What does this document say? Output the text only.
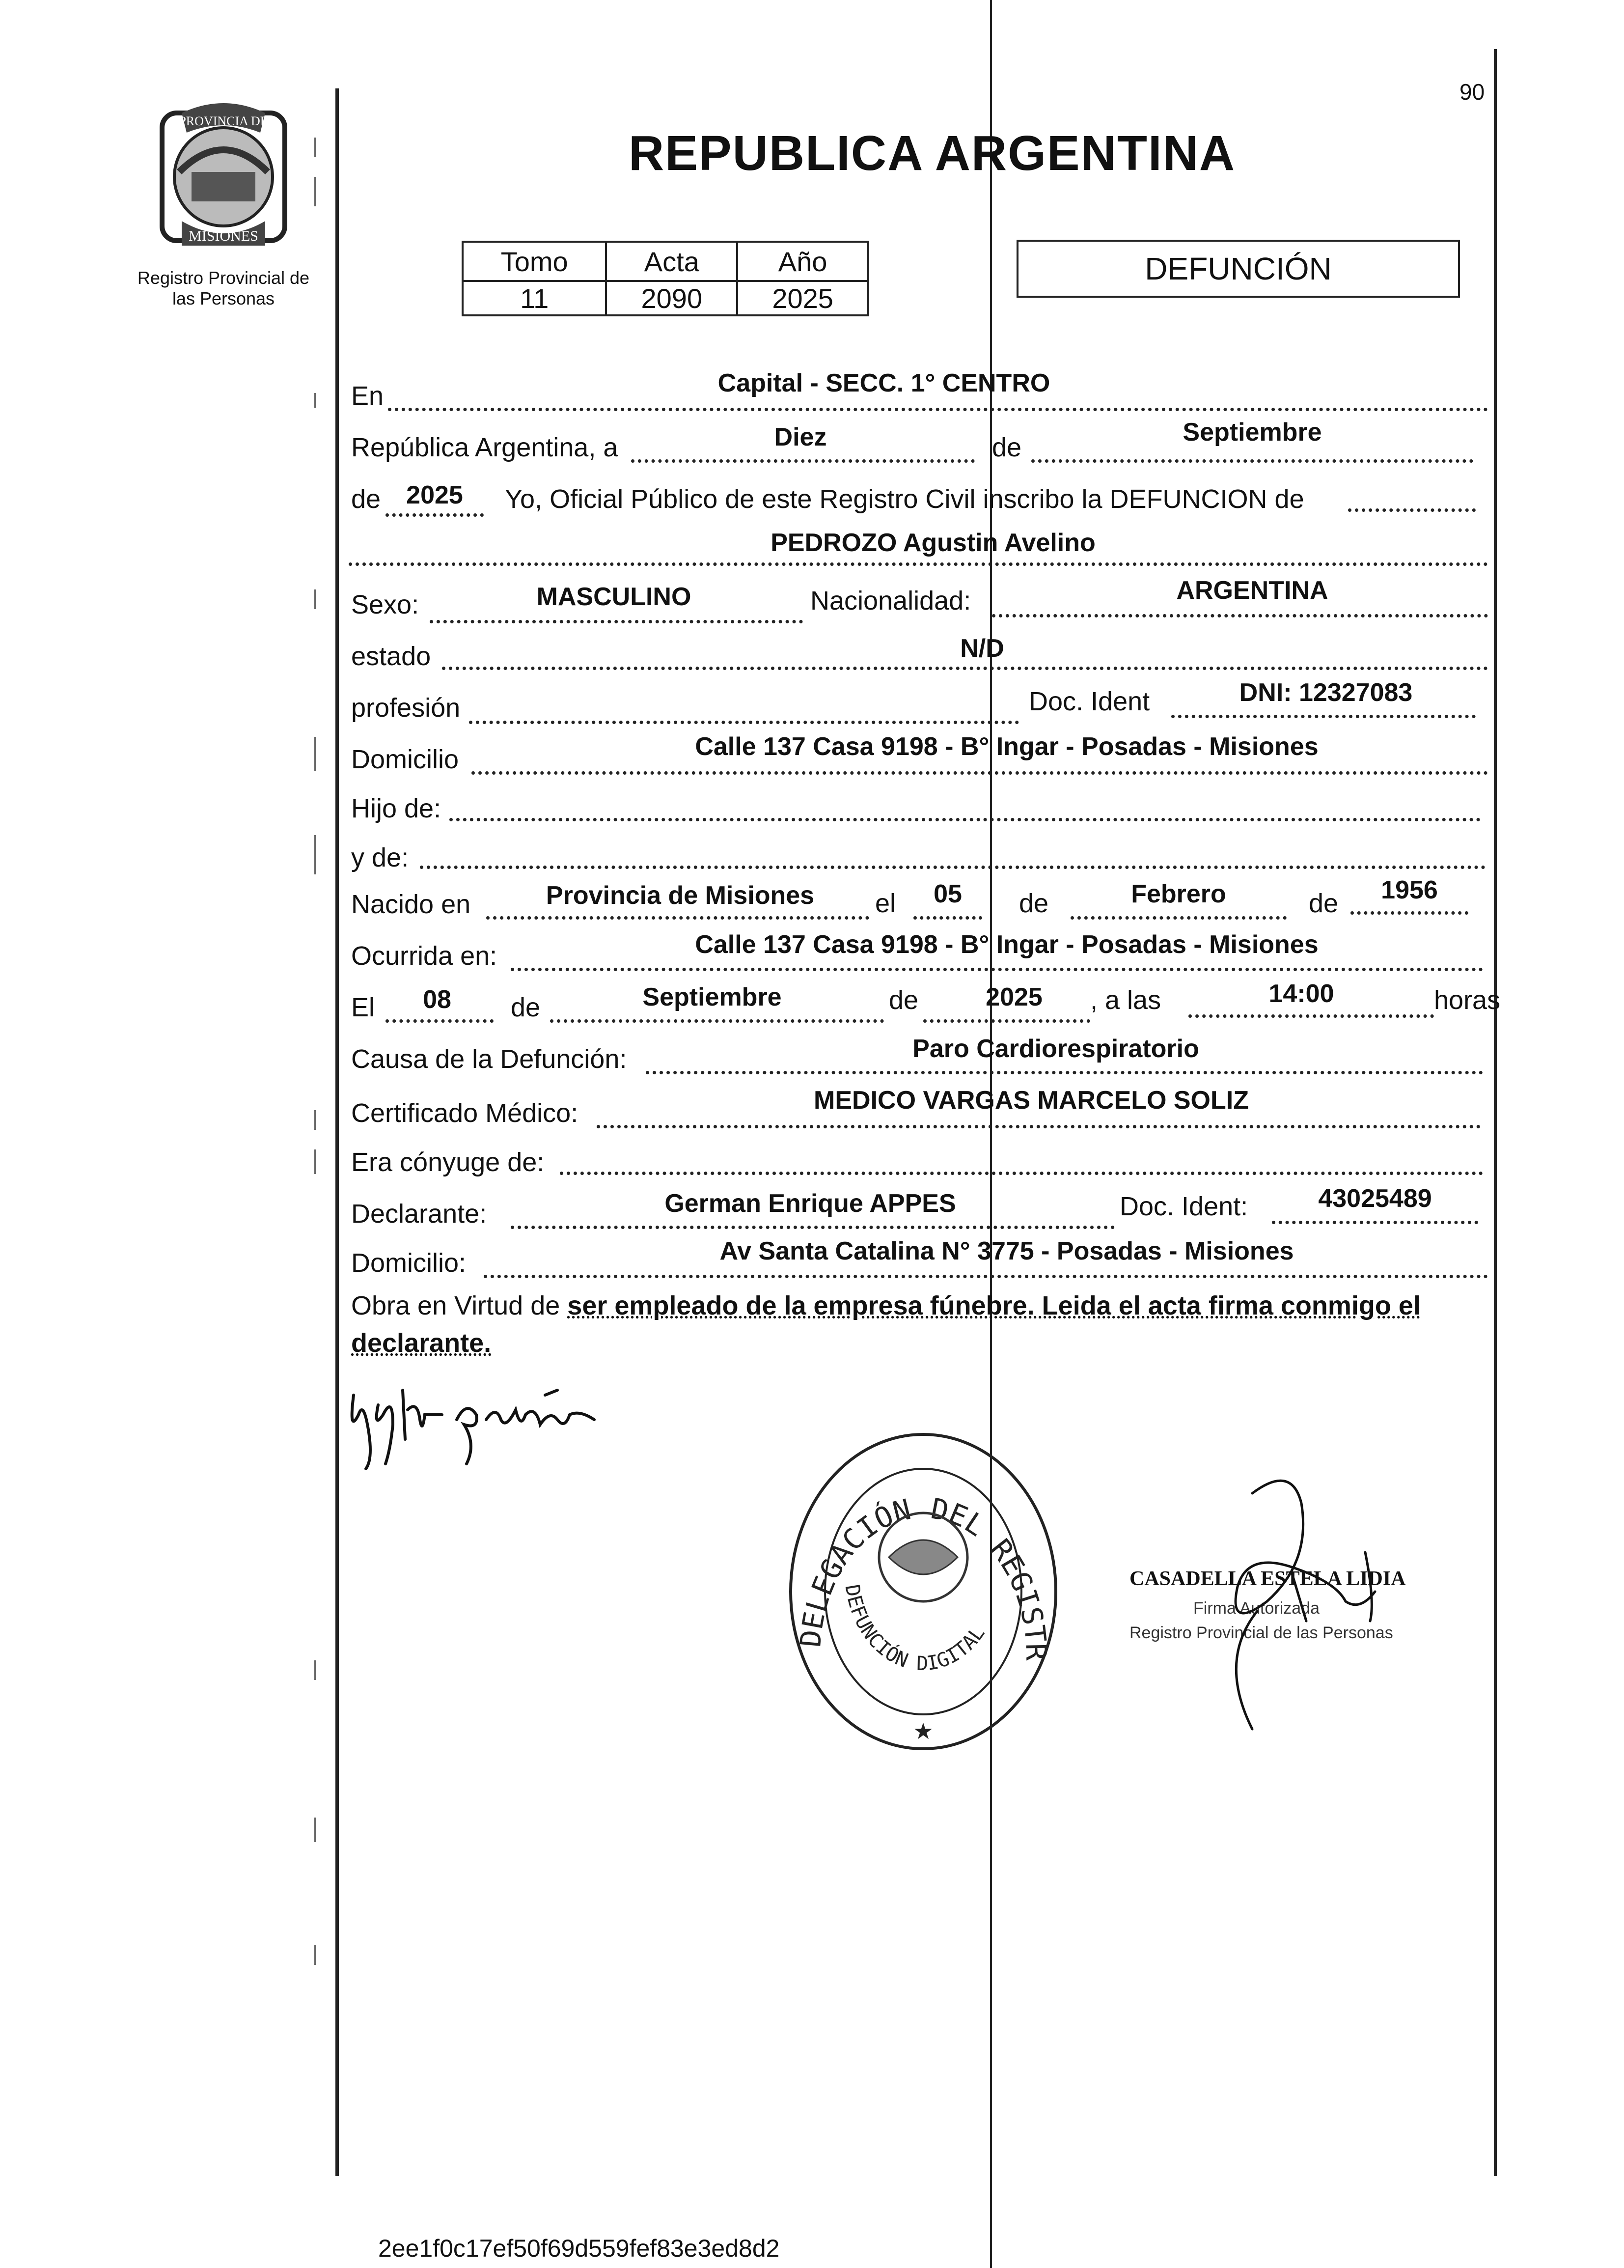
90
PROVINCIA DE
MISIONES
Registro Provincial de las Personas
REPUBLICA ARGENTINA
Tomo	Acta	Año
11	2090	2025
DEFUNCIÓN
En	Capital - SECC. 1° CENTRO
República Argentina, a	Diez	de
Septiembre
de	2025	Yo, Oficial Público de este Registro Civil inscribo la DEFUNCION de
PEDROZO Agustin Avelino
Sexo:	MASCULINO	Nacionalidad:	ARGENTINA
estado	N/D
profesión	Doc. Ident	DNI: 12327083
Domicilio	Calle 137 Casa 9198 - B° Ingar - Posadas - Misiones
Hijo de:
y de:
Nacido en	Provincia de Misiones	el	05	de	Febrero	de	1956
Ocurrida en:	Calle 137 Casa 9198 - B° Ingar - Posadas - Misiones
El	08	de	Septiembre	de	2025	, a las	14:00	horas
Causa de la Defunción:	Paro Cardiorespiratorio
Certificado Médico:	MEDICO VARGAS MARCELO SOLIZ
Era cónyuge de:
Declarante:	German Enrique APPES	Doc. Ident:	43025489
Domicilio:	Av Santa Catalina N° 3775 - Posadas - Misiones
Obra en Virtud de ser empleado de la empresa fúnebre. Leida el acta firma conmigo el declarante.
DELEGACIÓN DEL REGISTR
DEFUNCIÓN DIGITAL
★
CASADELLA ESTELA LIDIA
Firma Autorizada
Registro Provincial de las Personas
2ee1f0c17ef50f69d559fef83e3ed8d2
